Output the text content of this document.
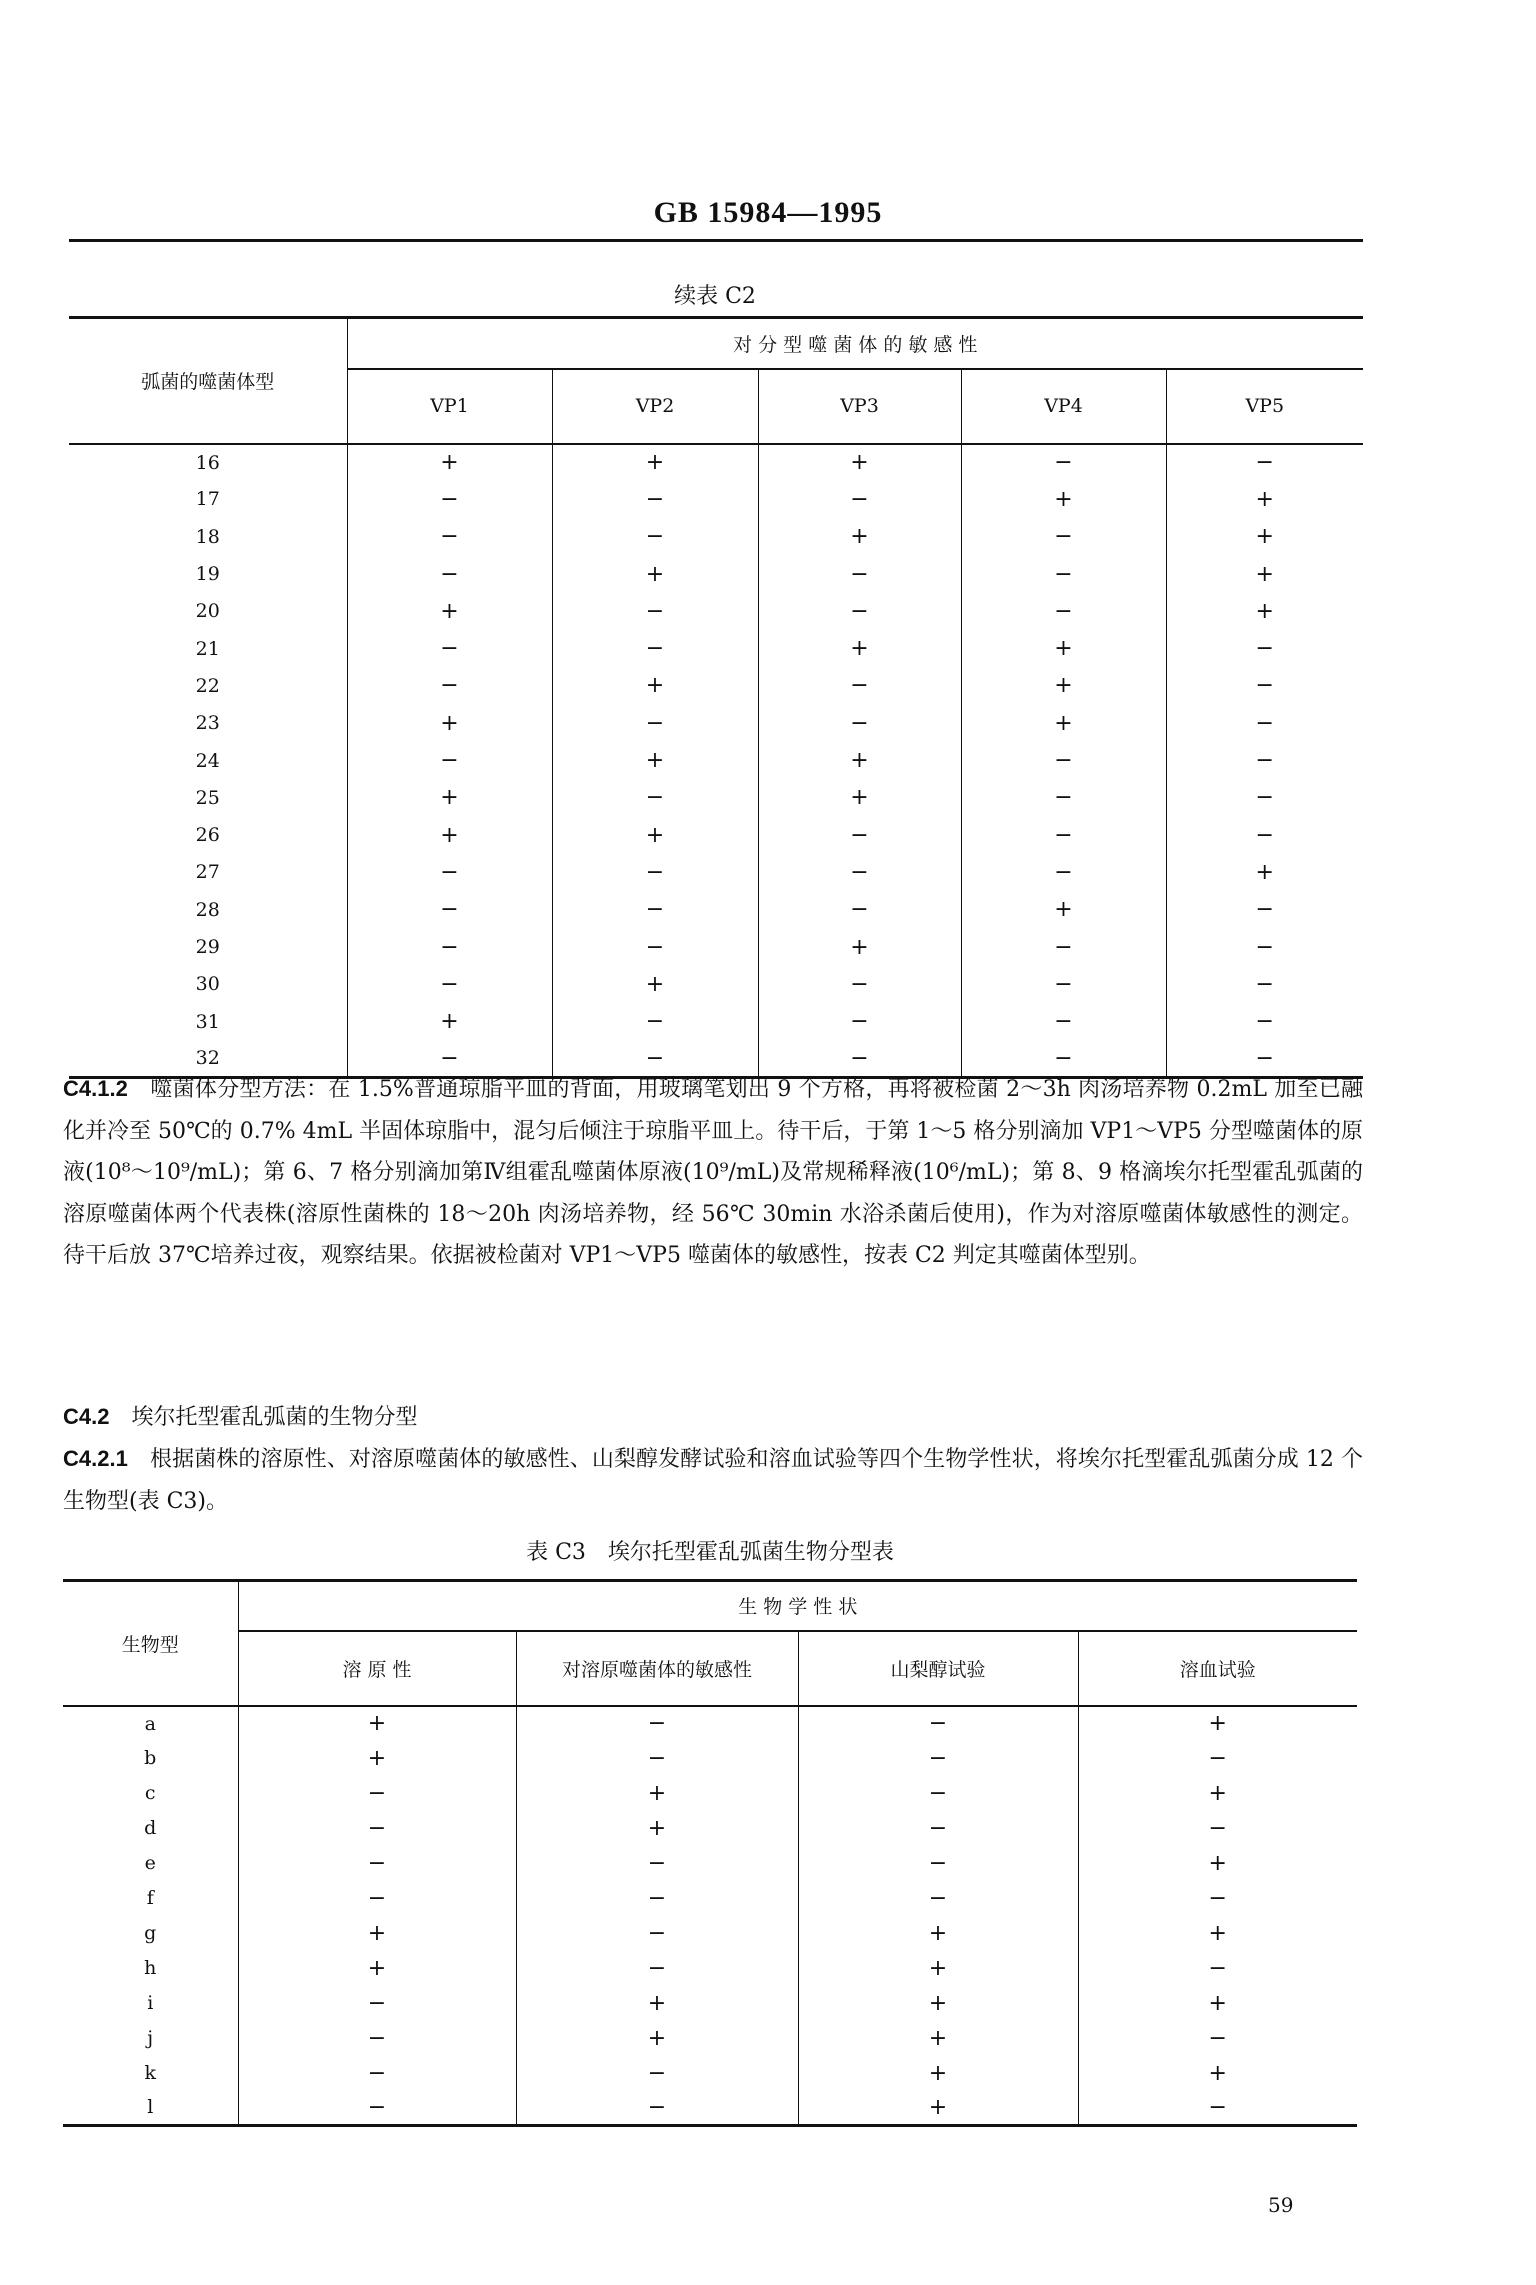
GB 15984—1995
续表 C2
弧菌的噬菌体型	对 分 型 噬 菌 体 的 敏 感 性				
	VP1	VP2	VP3	VP4	VP5
16	+	+	+	−	−
17	−	−	−	+	+
18	−	−	+	−	+
19	−	+	−	−	+
20	+	−	−	−	+
21	−	−	+	+	−
22	−	+	−	+	−
23	+	−	−	+	−
24	−	+	+	−	−
25	+	−	+	−	−
26	+	+	−	−	−
27	−	−	−	−	+
28	−	−	−	+	−
29	−	−	+	−	−
30	−	+	−	−	−
31	+	−	−	−	−
32	−	−	−	−	−
C4.1.2　 噬菌体分型方法：在 1.5%普通琼脂平皿的背面，用玻璃笔划出 9 个方格，再将被检菌 2～3h 肉汤培养物 0.2mL 加至已融化并冷至 50℃的 0.7% 4mL 半固体琼脂中，混匀后倾注于琼脂平皿上。待干后，于第 1～5 格分别滴加 VP1～VP5 分型噬菌体的原液(10⁸～10⁹/mL)；第 6、7 格分别滴加第Ⅳ组霍乱噬菌体原液(10⁹/mL)及常规稀释液(10⁶/mL)；第 8、9 格滴埃尔托型霍乱弧菌的溶原噬菌体两个代表株(溶原性菌株的 18～20h 肉汤培养物，经 56℃ 30min 水浴杀菌后使用)，作为对溶原噬菌体敏感性的测定。待干后放 37℃培养过夜，观察结果。依据被检菌对 VP1～VP5 噬菌体的敏感性，按表 C2 判定其噬菌体型别。
C4.2　 埃尔托型霍乱弧菌的生物分型
C4.2.1　 根据菌株的溶原性、对溶原噬菌体的敏感性、山梨醇发酵试验和溶血试验等四个生物学性状，将埃尔托型霍乱弧菌分成 12 个生物型(表 C3)。
表 C3　埃尔托型霍乱弧菌生物分型表
生物型	生 物 学 性 状			
	溶 原 性	对溶原噬菌体的敏感性	山梨醇试验	溶血试验
a	+	−	−	+
b	+	−	−	−
c	−	+	−	+
d	−	+	−	−
e	−	−	−	+
f	−	−	−	−
g	+	−	+	+
h	+	−	+	−
i	−	+	+	+
j	−	+	+	−
k	−	−	+	+
l	−	−	+	−
59
